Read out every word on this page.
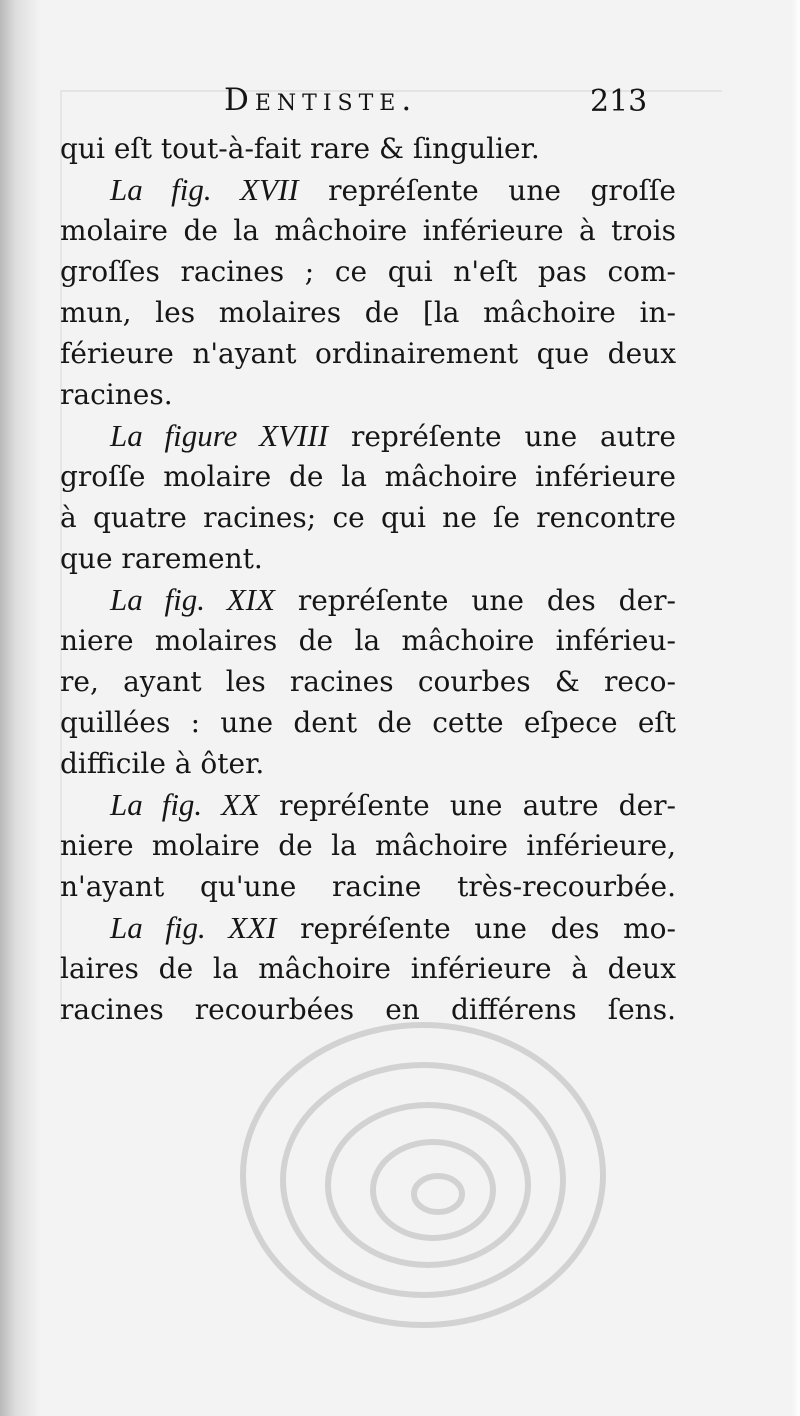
Dentiste.	213
qui eſt tout-à-fait rare & ſingulier.
La fig. XVII repréſente une groſſe
molaire de la mâchoire inférieure à trois
groſſes racines ; ce qui n'eſt pas com-
mun, les molaires de [la mâchoire in-
férieure n'ayant ordinairement que deux
racines.
La figure XVIII repréſente une autre
groſſe molaire de la mâchoire inférieure
à quatre racines; ce qui ne ſe rencontre
que rarement.
La fig. XIX repréſente une des der-
niere molaires de la mâchoire inférieu-
re, ayant les racines courbes & reco-
quillées : une dent de cette eſpece eſt
difficile à ôter.
La fig. XX repréſente une autre der-
niere molaire de la mâchoire inférieure,
n'ayant qu'une racine très-recourbée.
La fig. XXI repréſente une des mo-
laires de la mâchoire inférieure à deux
racines recourbées en différens ſens.
